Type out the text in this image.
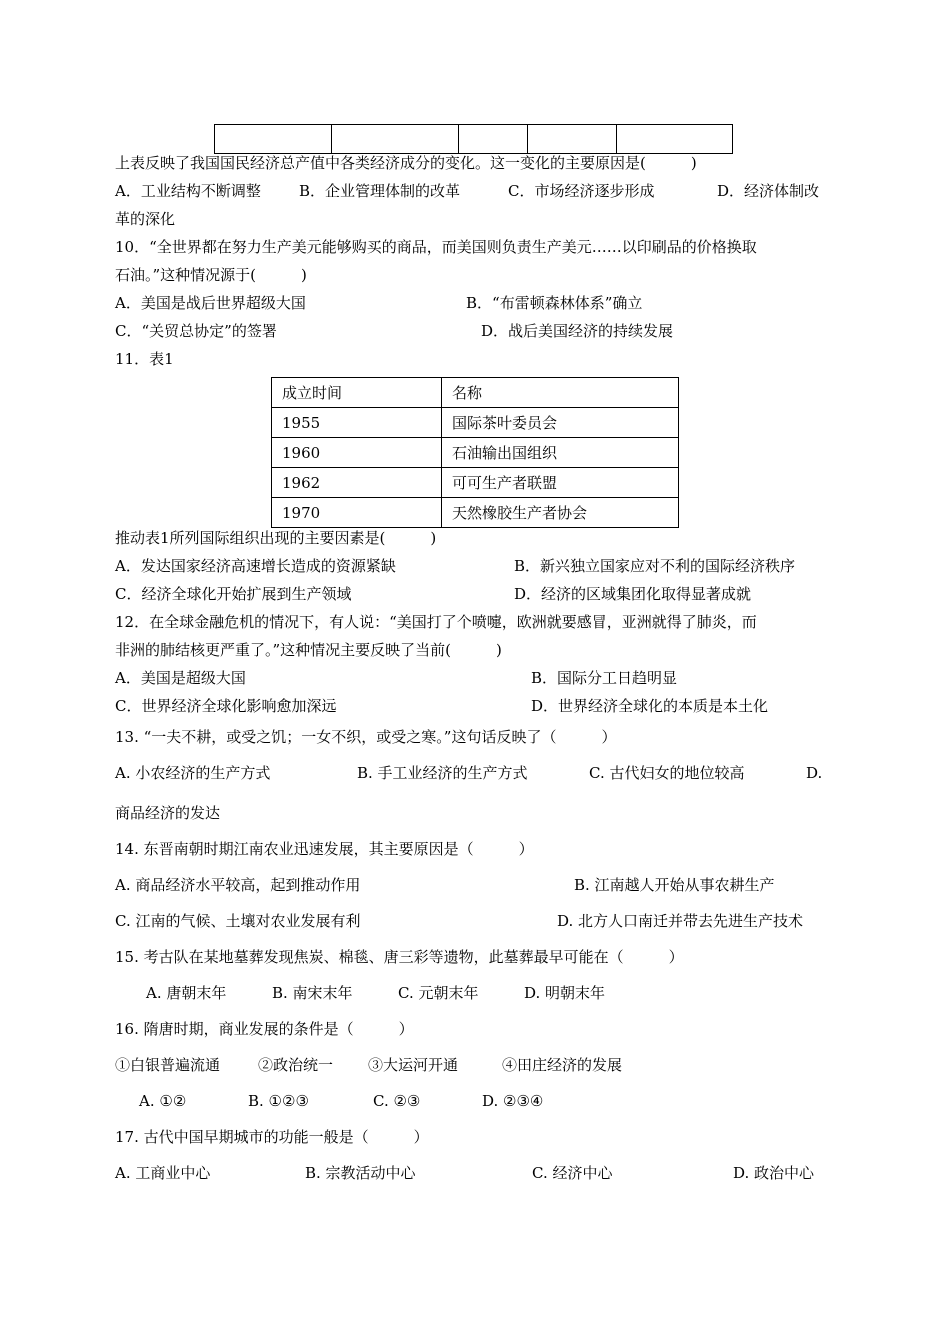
上表反映了我国国民经济总产值中各类经济成分的变化。这一变化的主要原因是(　　　)
A．工业结构不断调整	B．企业管理体制的改革	C．市场经济逐步形成	D．经济体制改
革的深化
10．“全世界都在努力生产美元能够购买的商品，而美国则负责生产美元……以印刷品的价格换取
石油。”这种情况源于(　　　)
A．美国是战后世界超级大国	B．“布雷顿森林体系”确立
C．“关贸总协定”的签署	D．战后美国经济的持续发展
11．表1
成立时间	名称
1955	国际茶叶委员会
1960	石油输出国组织
1962	可可生产者联盟
1970	天然橡胶生产者协会
推动表1所列国际组织出现的主要因素是(　　　)
A．发达国家经济高速增长造成的资源紧缺	B．新兴独立国家应对不利的国际经济秩序
C．经济全球化开始扩展到生产领域	D．经济的区域集团化取得显著成就
12．在全球金融危机的情况下，有人说：“美国打了个喷嚏，欧洲就要感冒，亚洲就得了肺炎，而
非洲的肺结核更严重了。”这种情况主要反映了当前(　　　)
A．美国是超级大国	B．国际分工日趋明显
C．世界经济全球化影响愈加深远	D．世界经济全球化的本质是本土化
13. “一夫不耕，或受之饥；一女不织，或受之寒。”这句话反映了（　　　）
A. 小农经济的生产方式	B. 手工业经济的生产方式	C. 古代妇女的地位较高	D.
商品经济的发达
14. 东晋南朝时期江南农业迅速发展，其主要原因是（　　　）
A. 商品经济水平较高，起到推动作用	B. 江南越人开始从事农耕生产
C. 江南的气候、土壤对农业发展有利	D. 北方人口南迁并带去先进生产技术
15. 考古队在某地墓葬发现焦炭、棉毯、唐三彩等遗物，此墓葬最早可能在（　　　）
A. 唐朝末年	B. 南宋末年	C. 元朝末年	D. 明朝末年
16. 隋唐时期，商业发展的条件是（　　　）
①白银普遍流通	②政治统一 ③大运河开通	④田庄经济的发展
A. ①②	B. ①②③	C. ②③	D. ②③④
17. 古代中国早期城市的功能一般是（　　　）
A. 工商业中心	B. 宗教活动中心	C. 经济中心	D. 政治中心
